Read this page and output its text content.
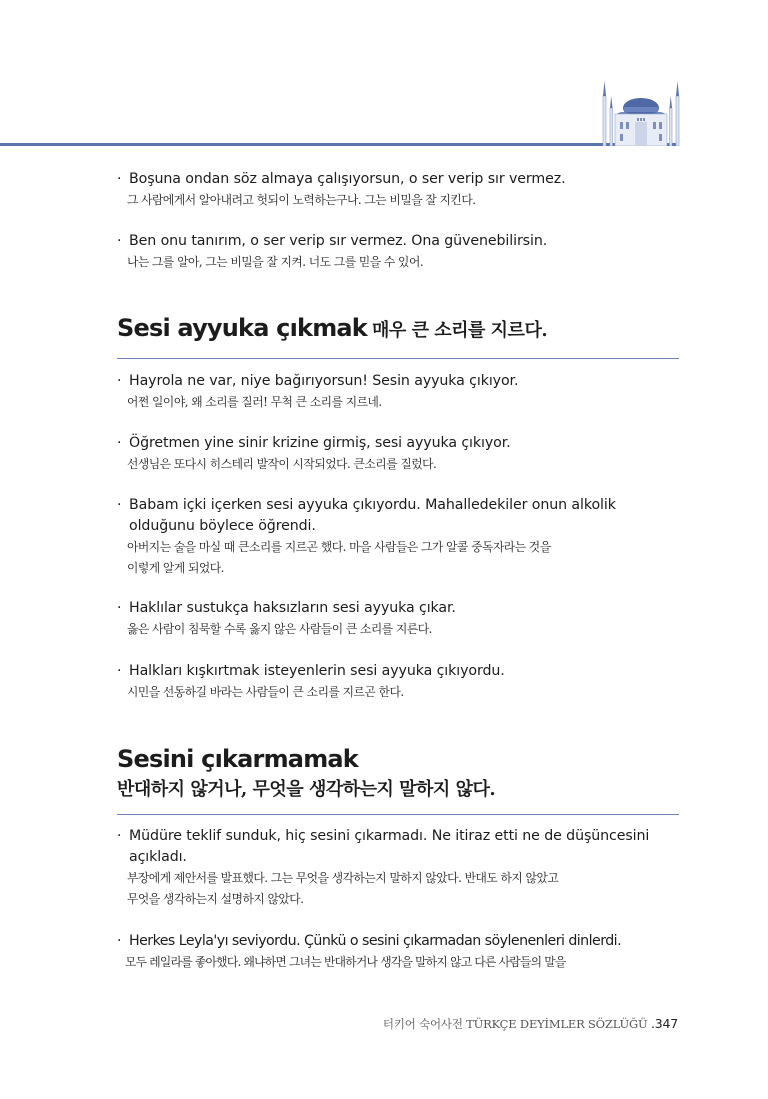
· Boşuna ondan söz almaya çalışıyorsun, o ser verip sır vermez.
그 사람에게서 알아내려고 헛되이 노력하는구나. 그는 비밀을 잘 지킨다.
· Ben onu tanırım, o ser verip sır vermez. Ona güvenebilirsin.
나는 그를 알아, 그는 비밀을 잘 지켜. 너도 그를 믿을 수 있어.
Sesi ayyuka çıkmak 매우 큰 소리를 지르다.
· Hayrola ne var, niye bağırıyorsun! Sesin ayyuka çıkıyor.
어쩐 일이야, 왜 소리를 질러! 무척 큰 소리를 지르네.
· Öğretmen yine sinir krizine girmiş, sesi ayyuka çıkıyor.
선생님은 또다시 히스테리 발작이 시작되었다. 큰소리를 질렀다.
· Babam içki içerken sesi ayyuka çıkıyordu. Mahalledekiler onun alkolik olduğunu böylece öğrendi.
아버지는 술을 마실 때 큰소리를 지르곤 했다. 마을 사람들은 그가 알콜 중독자라는 것을
이렇게 알게 되었다.
· Haklılar sustukça haksızların sesi ayyuka çıkar.
옳은 사람이 침묵할 수록 옳지 않은 사람들이 큰 소리를 지른다.
· Halkları kışkırtmak isteyenlerin sesi ayyuka çıkıyordu.
시민을 선동하길 바라는 사람들이 큰 소리를 지르곤 한다.
Sesini çıkarmamak
반대하지 않거나, 무엇을 생각하는지 말하지 않다.
· Müdüre teklif sunduk, hiç sesini çıkarmadı. Ne itiraz etti ne de düşüncesini açıkladı.
부장에게 제안서를 발표했다. 그는 무엇을 생각하는지 말하지 않았다. 반대도 하지 않았고
무엇을 생각하는지 설명하지 않았다.
· Herkes Leyla'yı seviyordu. Çünkü o sesini çıkarmadan söylenenleri dinlerdi.
모두 레일라를 좋아했다. 왜냐하면 그녀는 반대하거나 생각을 말하지 않고 다른 사람들의 말을
터키어 숙어사전 TÜRKÇE DEYİMLER SÖZLÜĞÜ .347
